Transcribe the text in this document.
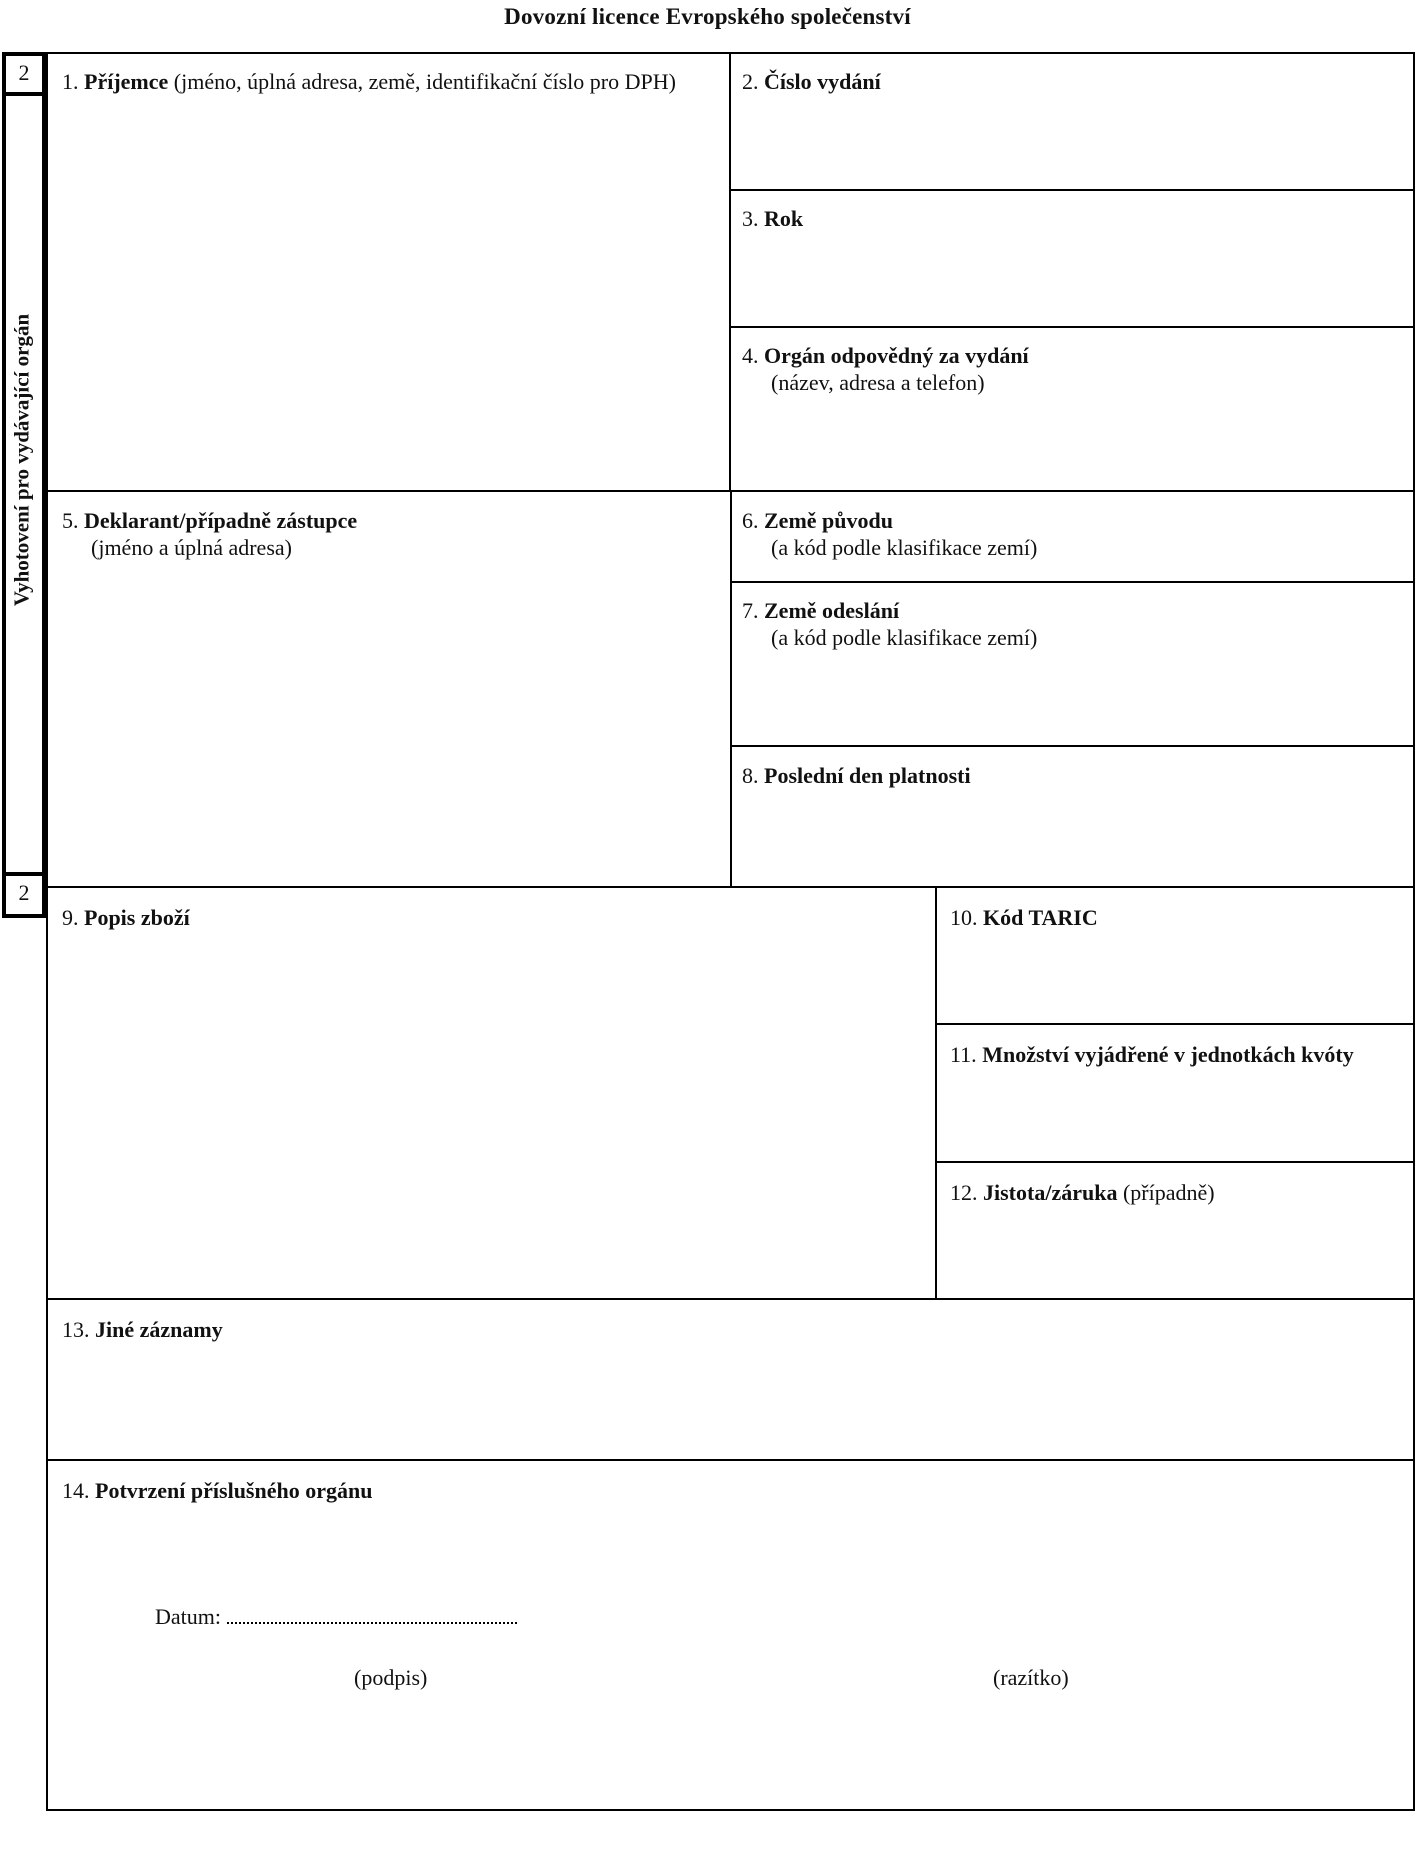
Dovozní licence Evropského společenství
2
Vyhotovení pro vydávající orgán
2
1. Příjemce (jméno, úplná adresa, země, identifikační číslo pro DPH)	2. Číslo vydání
3. Rok
4. Orgán odpovědný za vydání
(název, adresa a telefon)
5. Deklarant/případně zástupce
(jméno a úplná adresa)
6. Země původu
(a kód podle klasifikace zemí)
7. Země odeslání
(a kód podle klasifikace zemí)
8. Poslední den platnosti
9. Popis zboží	10. Kód TARIC
11. Množství vyjádřené v jednotkách kvóty
12. Jistota/záruka (případně)
13. Jiné záznamy
14. Potvrzení příslušného orgánu
Datum:
(podpis)	(razítko)
